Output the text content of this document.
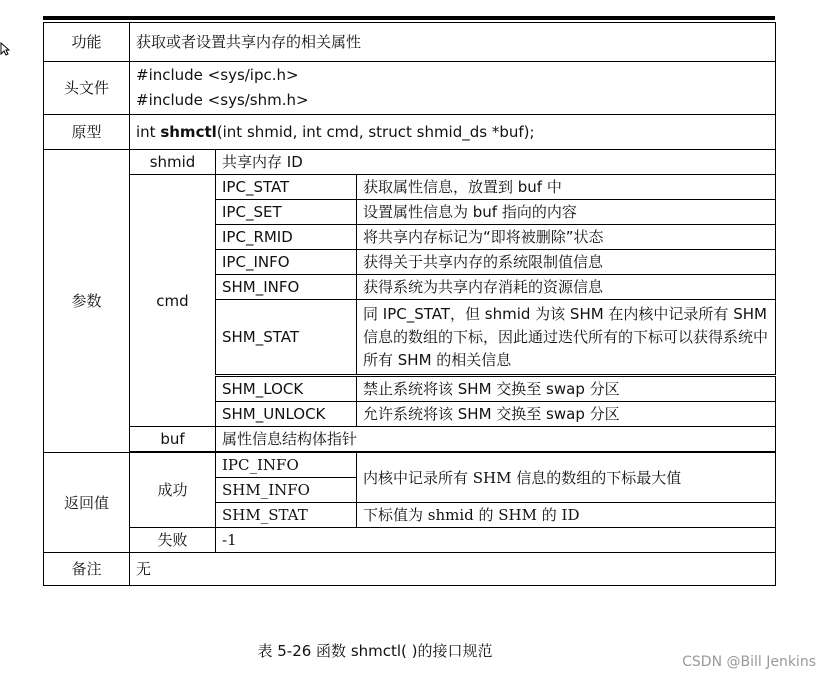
功能	获取或者设置共享内存的相关属性		
头文件	#include <sys/ipc.h>
#include <sys/shm.h>		

原型	int shmctl(int shmid, int cmd, struct shmid_ds *buf);		
参数	shmid	共享内存 ID	
	cmd	IPC_STAT	获取属性信息，放置到 buf 中
		IPC_SET	设置属性信息为 buf 指向的内容
		IPC_RMID	将共享内存标记为“即将被删除”状态
		IPC_INFO	获得关于共享内存的系统限制值信息
		SHM_INFO	获得系统为共享内存消耗的资源信息
		SHM_STAT	同 IPC_STAT，但 shmid 为该 SHM 在内核中记录所有 SHM 信息的数组的下标，因此通过迭代所有的下标可以获得系统中所有 SHM 的相关信息
		SHM_LOCK	禁止系统将该 SHM 交换至 swap 分区
		SHM_UNLOCK	允许系统将该 SHM 交换至 swap 分区
	buf	属性信息结构体指针	

返回值	成功	IPC_INFO	内核中记录所有 SHM 信息的数组的下标最大值
		SHM_INFO	
		SHM_STAT	下标值为 shmid 的 SHM 的 ID
	失败	-1	
备注	无		
表 5-26 函数 shmctl( )的接口规范
CSDN @Bill Jenkins
